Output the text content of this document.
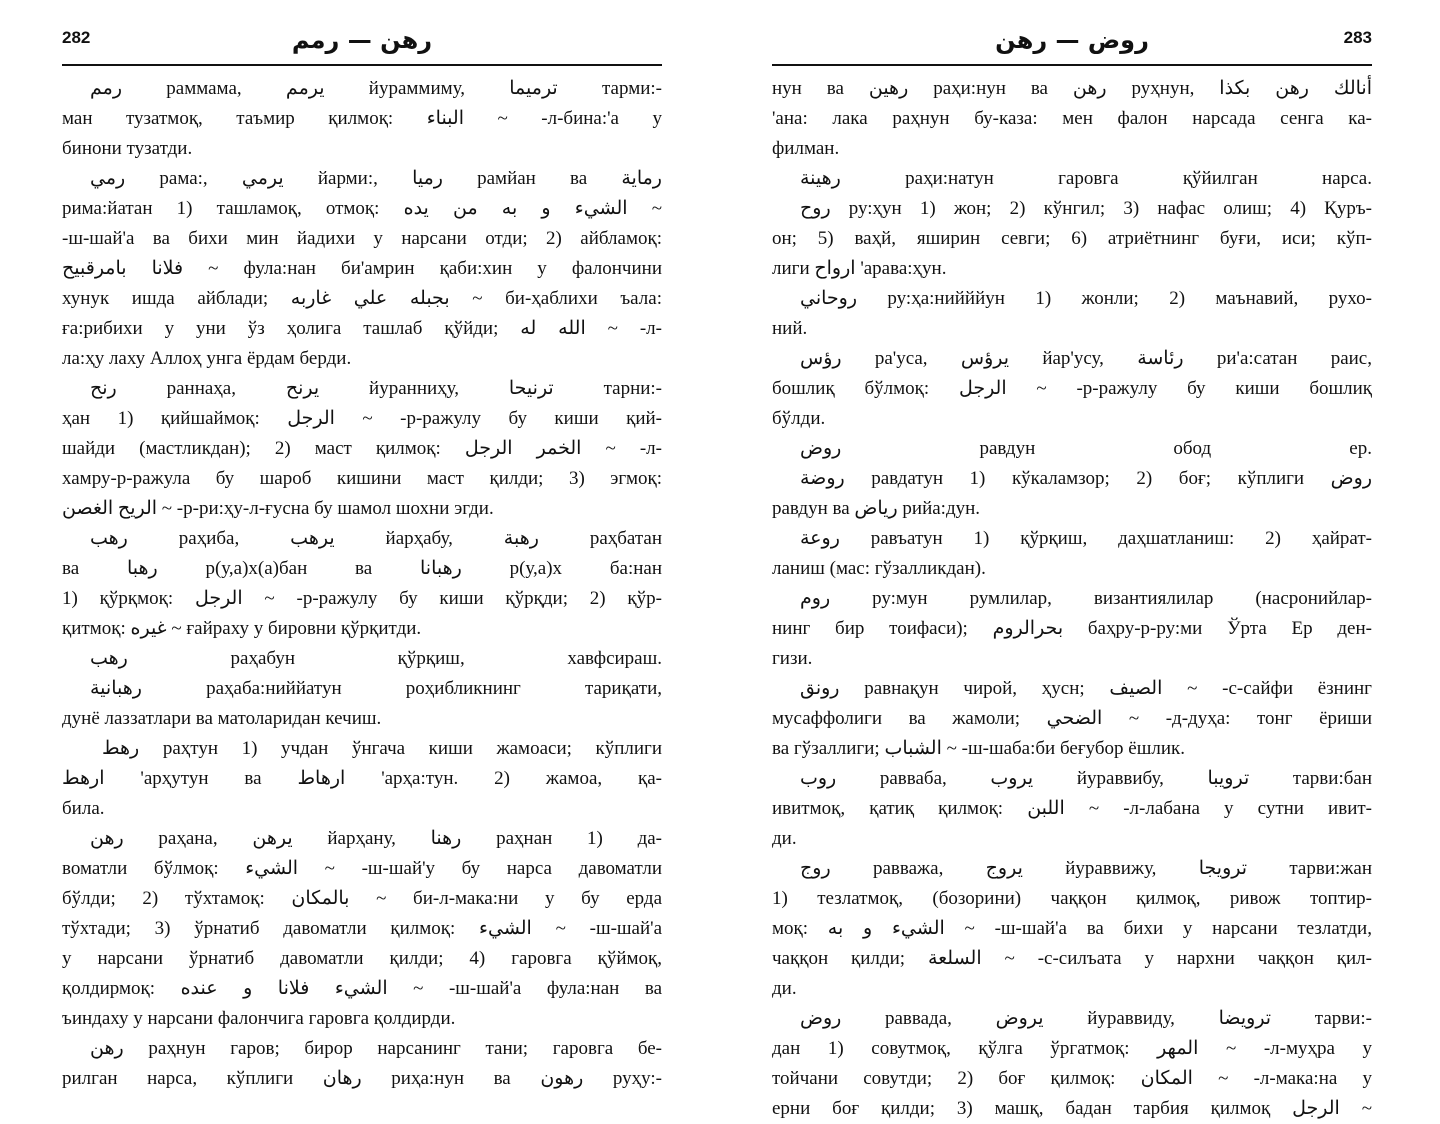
282	رهن — رمم
رمم раммама, يرمم йураммиму, ترميما тарми:-
ман тузатмоқ, таъмир қилмоқ: البناء ~ -л-бина:'а у
бинони тузатди.
رمي рама:, يرمي йарми:, رميا рамйан ва رماية
рима:йатан 1) ташламоқ, отмоқ: الشيء و به من يده ~
-ш-шай'а ва бихи мин йадихи у нарсани отди; 2) айбламоқ:
فلانا بامرقبيح ~ фула:нан би'амрин қаби:хин у фалончини
хунук ишда айблади; بجبله علي غاربه ~ би-ҳаблихи ъала:
ға:рибихи у уни ўз ҳолига ташлаб қўйди; الله له ~ -л-
ла:ҳу лаху Аллоҳ унга ёрдам берди.
رنح раннаҳа, يرنح йуранниҳу, ترنيحا тарни:-
ҳан 1) қийшаймоқ: الرجل ~ -р-ражулу бу киши қий-
шайди (мастликдан); 2) маст қилмоқ: الخمر الرجل ~ -л-
хамру-р-ражула бу шароб кишини маст қилди; 3) эгмоқ:
الريح الغصن ~ -р-ри:ҳу-л-ғусна бу шамол шохни эгди.
رهب раҳиба, يرهب йарҳабу, رهبة раҳбатан
ва رهبا р(у,а)х(а)бан ва رهبانا р(у,а)х ба:нан
1) қўрқмоқ: الرجل ~ -р-ражулу бу киши қўрқди; 2) қўр-
қитмоқ: غيره ~ ғайраху у бировни қўрқитди.
رهب раҳабун қўрқиш, хавфсираш.
رهبانية раҳаба:ниййатун роҳибликнинг тариқати,
дунё лаззатлари ва матоларидан кечиш.
رهط раҳтун 1) учдан ўнгача киши жамоаси; кўплиги
ارهط 'арҳутун ва ارهاط 'арҳа:тун. 2) жамоа, қа-
била.
رهن раҳана, يرهن йарҳану, رهنا раҳнан 1) да-
воматли бўлмоқ: الشيء ~ -ш-шай'у бу нарса давоматли
бўлди; 2) тўхтамоқ: بالمكان ~ би-л-мака:ни у бу ерда
тўхтади; 3) ўрнатиб давоматли қилмоқ: الشيء ~ -ш-шай'а
у нарсани ўрнатиб давоматли қилди; 4) гаровга қўймоқ,
қолдирмоқ: الشيء فلانا و عنده ~ -ш-шай'а фула:нан ва
ъиндаху у нарсани фалончига гаровга қолдирди.
رهن раҳнун гаров; бирор нарсанинг тани; гаровга бе-
рилган нарса, кўплиги رهان риҳа:нун ва رهون руҳу:-
283
روض — رهن
нун ва رهين раҳи:нун ва رهن руҳнун, أنالك رهن بكذا
'ана: лака раҳнун бу-каза: мен фалон нарсада сенга ка-
филман.
رهينة раҳи:натун гаровга қўйилган нарса.
روح ру:ҳун 1) жон; 2) кўнгил; 3) нафас олиш; 4) Қуръ-
он; 5) ваҳй, яширин севги; 6) атриётнинг буғи, иси; кўп-
лиги ارواح 'арава:ҳун.
روحاني ру:ҳа:нийййун 1) жонли; 2) маънавий, рухо-
ний.
رؤس ра'уса, يرؤس йар'усу, رئاسة ри'а:сатан раис,
бошлиқ бўлмоқ: الرجل ~ -р-ражулу бу киши бошлиқ
бўлди.
روض равдун обод ер.
روضة равдатун 1) кўкаламзор; 2) боғ; кўплиги روض
равдун ва رياض рийа:дун.
روعة равъатун 1) қўрқиш, даҳшатланиш: 2) ҳайрат-
ланиш (мас: гўзалликдан).
روم ру:мун румлилар, византиялилар (насронийлар-
нинг бир тоифаси); بحرالروم баҳру-р-ру:ми Ўрта Ер ден-
гизи.
رونق равнақун чирой, ҳусн; الصيف ~ -с-сайфи ёзнинг
мусаффолиги ва жамоли; الضحي ~ -д-дуҳа: тонг ёриши
ва гўзаллиги; الشباب ~ -ш-шаба:би беғубор ёшлик.
روب равваба, يروب йураввибу, ترويبا тарви:бан
ивитмоқ, қатиқ қилмоқ: اللبن ~ -л-лабана у сутни ивит-
ди.
روج равважа, يروج йураввижу, ترويجا тарви:жан
1) тезлатмоқ, (бозорини) чаққон қилмоқ, ривож топтир-
моқ: الشيء و به ~ -ш-шай'а ва бихи у нарсани тезлатди,
чаққон қилди; السلعة ~ -с-силъата у нархни чаққон қил-
ди.
روض раввада, يروض йураввиду, ترويضا тарви:-
дан 1) совутмоқ, қўлга ўргатмоқ: المهر ~ -л-муҳра у
тойчани совутди; 2) боғ қилмоқ: المكان ~ -л-мака:на у
ерни боғ қилди; 3) машқ, бадан тарбия қилмоқ الرجل ~
